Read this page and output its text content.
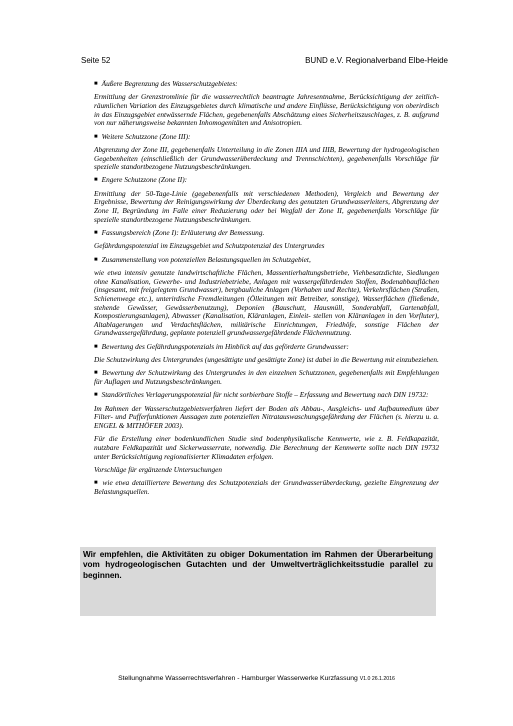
Seite 52	BUND e.V. Regionalverband Elbe-Heide

■ Äußere Begrenzung des Wasserschutzgebietes:

Ermittlung der Grenzstromlinie für die wasserrechtlich beantragte Jahresentnahme, Berücksichtigung der zeitlich-räumlichen Variation des Einzugsgebietes durch klimatische und andere Einflüsse, Berücksichtigung von oberirdisch in das Einzugsgebiet entwässernde Flächen, gegebenenfalls Abschätzung eines Sicherheitszuschlages, z. B. aufgrund von nur näherungsweise bekannten Inhomogenitäten und Anisotropien.

■ Weitere Schutzzone (Zone III):

Abgrenzung der Zone III, gegebenenfalls Unterteilung in die Zonen IIIA und IIIB, Bewertung der hydrogeologischen Gegebenheiten (einschließlich der Grundwasserüberdeckung und Trennschichten), gegebenenfalls Vorschläge für spezielle standortbezogene Nutzungsbeschränkungen.

■ Engere Schutzzone (Zone II):

Ermittlung der 50-Tage-Linie (gegebenenfalls mit verschiedenen Methoden), Vergleich und Bewertung der Ergebnisse, Bewertung der Reinigungswirkung der Überdeckung des genutzten Grundwasserleiters, Abgrenzung der Zone II, Begründung im Falle einer Reduzierung oder bei Wegfall der Zone II, gegebenenfalls Vorschläge für spezielle standortbezogene Nutzungsbeschränkungen.

■ Fassungsbereich (Zone I): Erläuterung der Bemessung.

Gefährdungspotenzial im Einzugsgebiet und Schutzpotenzial des Untergrundes

■ Zusammenstellung von potenziellen Belastungsquellen im Schutzgebiet,

wie etwa intensiv genutzte landwirtschaftliche Flächen, Massentierhaltungsbetriebe, Viehbesatzdichte, Siedlungen ohne Kanalisation, Gewerbe- und Industriebetriebe, Anlagen mit wassergefährdenden Stoffen, Bodenabbauflächen (insgesamt, mit freigelegtem Grundwasser), bergbauliche Anlagen (Vorhaben und Rechte), Verkehrsflächen (Straßen, Schienenwege etc.), unterirdische Fremdleitungen (Ölleitungen mit Betreiber, sonstige), Wasserflächen (fließende, stehende Gewässer, Gewässerbenutzung), Deponien (Bauschutt, Hausmüll, Sonderabfall, Gartenabfall, Kompostierungsanlagen), Abwasser (Kanalisation, Kläranlagen, Einleit- stellen von Kläranlagen in den Vorfluter), Altablagerungen und Verdachtsflächen, militärische Einrichtungen, Friedhöfe, sonstige Flächen der Grundwassergefährdung, geplante potenziell grundwassergefährdende Flächennutzung.

■ Bewertung des Gefährdungspotenzials im Hinblick auf das geförderte Grundwasser:

Die Schutzwirkung des Untergrundes (ungesättigte und gesättigte Zone) ist dabei in die Bewertung mit einzubeziehen.

■ Bewertung der Schutzwirkung des Untergrundes in den einzelnen Schutzzonen, gegebenenfalls mit Empfehlungen für Auflagen und Nutzungsbeschränkungen.

■ Standörtliches Verlagerungspotenzial für nicht sorbierbare Stoffe – Erfassung und Bewertung nach DIN 19732:

Im Rahmen der Wasserschutzgebietsverfahren liefert der Boden als Abbau-, Ausgleichs- und Aufbaumedium über Filter- und Pufferfunktionen Aussagen zum potenziellen Nitratauswaschungsgefährdung der Flächen (s. hierzu u. a. ENGEL & MITHÖFER 2003).

Für die Erstellung einer bodenkundlichen Studie sind bodenphysikalische Kennwerte, wie z. B. Feldkapazität, nutzbare Feldkapazität und Sickerwasserrate, notwendig. Die Berechnung der Kennwerte sollte nach DIN 19732 unter Berücksichtigung regionalisierter Klimadaten erfolgen.

Vorschläge für ergänzende Untersuchungen

■ wie etwa detailliertere Bewertung des Schutzpotenzials der Grundwasserüberdeckung, gezielte Eingrenzung der Belastungsquellen.

Wir empfehlen, die Aktivitäten zu obiger Dokumentation im Rahmen der Überarbeitung vom hydrogeologischen Gutachten und der Umweltverträglichkeitsstudie parallel zu beginnen.
Stellungnahme Wasserrechtsverfahren - Hamburger Wasserwerke Kurzfassung V1.0 26.1.2016
